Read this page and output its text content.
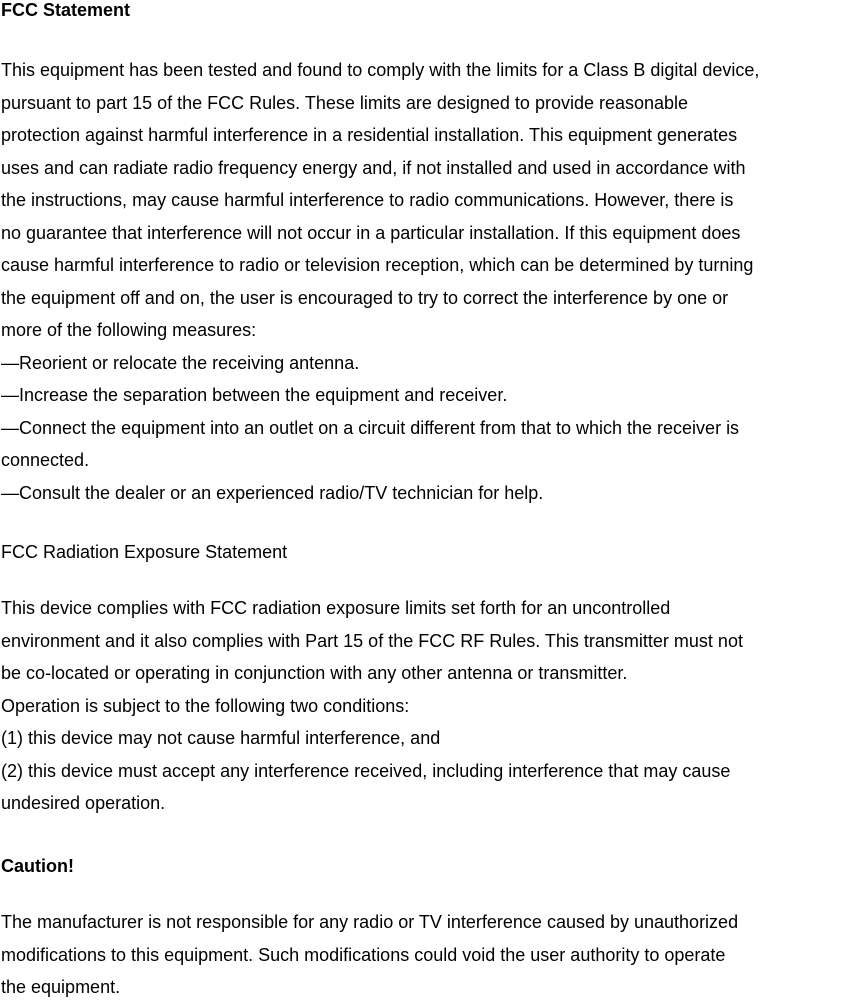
FCC Statement
This equipment has been tested and found to comply with the limits for a Class B digital device,
pursuant to part 15 of the FCC Rules. These limits are designed to provide reasonable
protection against harmful interference in a residential installation. This equipment generates
uses and can radiate radio frequency energy and, if not installed and used in accordance with
the instructions, may cause harmful interference to radio communications. However, there is
no guarantee that interference will not occur in a particular installation. If this equipment does
cause harmful interference to radio or television reception, which can be determined by turning
the equipment off and on, the user is encouraged to try to correct the interference by one or
more of the following measures:
—Reorient or relocate the receiving antenna.
—Increase the separation between the equipment and receiver.
—Connect the equipment into an outlet on a circuit different from that to which the receiver is
connected.
—Consult the dealer or an experienced radio/TV technician for help.
FCC Radiation Exposure Statement
This device complies with FCC radiation exposure limits set forth for an uncontrolled
environment and it also complies with Part 15 of the FCC RF Rules. This transmitter must not
be co-located or operating in conjunction with any other antenna or transmitter.
Operation is subject to the following two conditions:
(1) this device may not cause harmful interference, and
(2) this device must accept any interference received, including interference that may cause
undesired operation.
Caution!
The manufacturer is not responsible for any radio or TV interference caused by unauthorized
modifications to this equipment. Such modifications could void the user authority to operate
the equipment.
